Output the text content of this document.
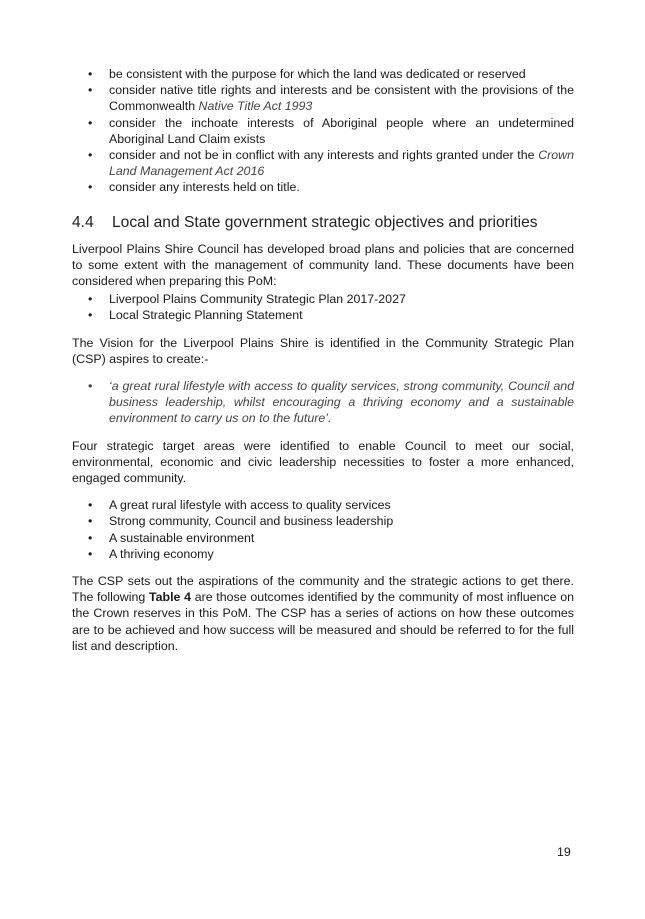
• be consistent with the purpose for which the land was dedicated or reserved
• consider native title rights and interests and be consistent with the provisions of the Commonwealth Native Title Act 1993
• consider the inchoate interests of Aboriginal people where an undetermined Aboriginal Land Claim exists
• consider and not be in conflict with any interests and rights granted under the Crown Land Management Act 2016
• consider any interests held on title.
4.4 Local and State government strategic objectives and priorities

Liverpool Plains Shire Council has developed broad plans and policies that are concerned to some extent with the management of community land. These documents have been considered when preparing this PoM:

• Liverpool Plains Community Strategic Plan 2017-2027
• Local Strategic Planning Statement

The Vision for the Liverpool Plains Shire is identified in the Community Strategic Plan (CSP) aspires to create:-

• ‘a great rural lifestyle with access to quality services, strong community, Council and business leadership, whilst encouraging a thriving economy and a sustainable environment to carry us on to the future’.

Four strategic target areas were identified to enable Council to meet our social, environmental, economic and civic leadership necessities to foster a more enhanced, engaged community.

• A great rural lifestyle with access to quality services
• Strong community, Council and business leadership
• A sustainable environment
• A thriving economy

The CSP sets out the aspirations of the community and the strategic actions to get there. The following Table 4 are those outcomes identified by the community of most influence on the Crown reserves in this PoM. The CSP has a series of actions on how these outcomes are to be achieved and how success will be measured and should be referred to for the full list and description.

19
